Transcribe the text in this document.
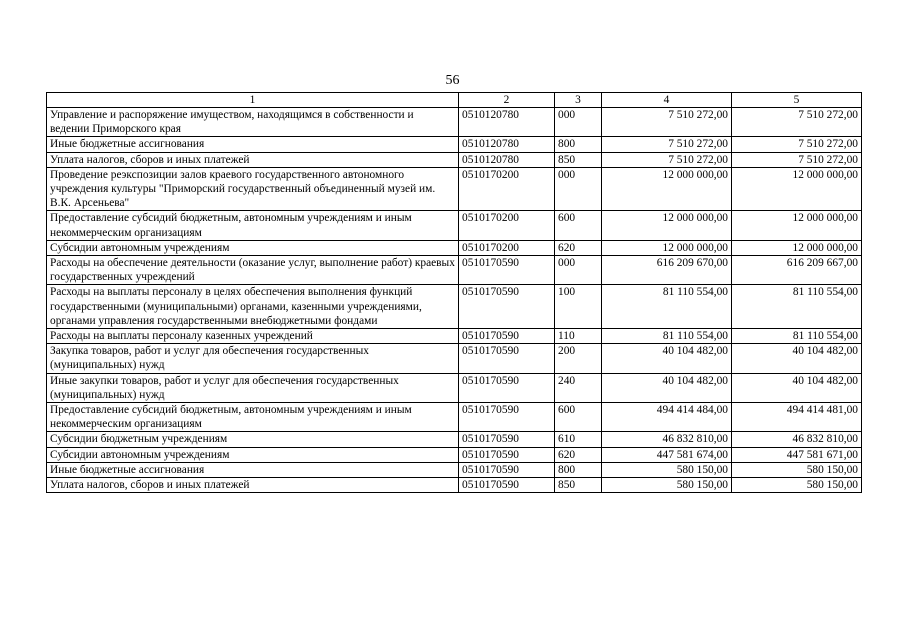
56
1	2	3	4	5
Управление и распоряжение имуществом, находящимся в собственности и ведении Приморского края	0510120780	000	7 510 272,00	7 510 272,00
Иные бюджетные ассигнования	0510120780	800	7 510 272,00	7 510 272,00
Уплата налогов, сборов и иных платежей	0510120780	850	7 510 272,00	7 510 272,00
Проведение реэкспозиции залов краевого государственного автономного учреждения культуры "Приморский государственный объединенный музей им. В.К. Арсеньева"	0510170200	000	12 000 000,00	12 000 000,00
Предоставление субсидий бюджетным, автономным учреждениям и иным некоммерческим организациям	0510170200	600	12 000 000,00	12 000 000,00
Субсидии автономным учреждениям	0510170200	620	12 000 000,00	12 000 000,00
Расходы на обеспечение деятельности (оказание услуг, выполнение работ) краевых государственных учреждений	0510170590	000	616 209 670,00	616 209 667,00
Расходы на выплаты персоналу в целях обеспечения выполнения функций государственными (муниципальными) органами, казенными учреждениями, органами управления государственными внебюджетными фондами	0510170590	100	81 110 554,00	81 110 554,00
Расходы на выплаты персоналу казенных учреждений	0510170590	110	81 110 554,00	81 110 554,00
Закупка товаров, работ и услуг для обеспечения государственных (муниципальных) нужд	0510170590	200	40 104 482,00	40 104 482,00
Иные закупки товаров, работ и услуг для обеспечения государственных (муниципальных) нужд	0510170590	240	40 104 482,00	40 104 482,00
Предоставление субсидий бюджетным, автономным учреждениям и иным некоммерческим организациям	0510170590	600	494 414 484,00	494 414 481,00
Субсидии бюджетным учреждениям	0510170590	610	46 832 810,00	46 832 810,00
Субсидии автономным учреждениям	0510170590	620	447 581 674,00	447 581 671,00
Иные бюджетные ассигнования	0510170590	800	580 150,00	580 150,00
Уплата налогов, сборов и иных платежей	0510170590	850	580 150,00	580 150,00
